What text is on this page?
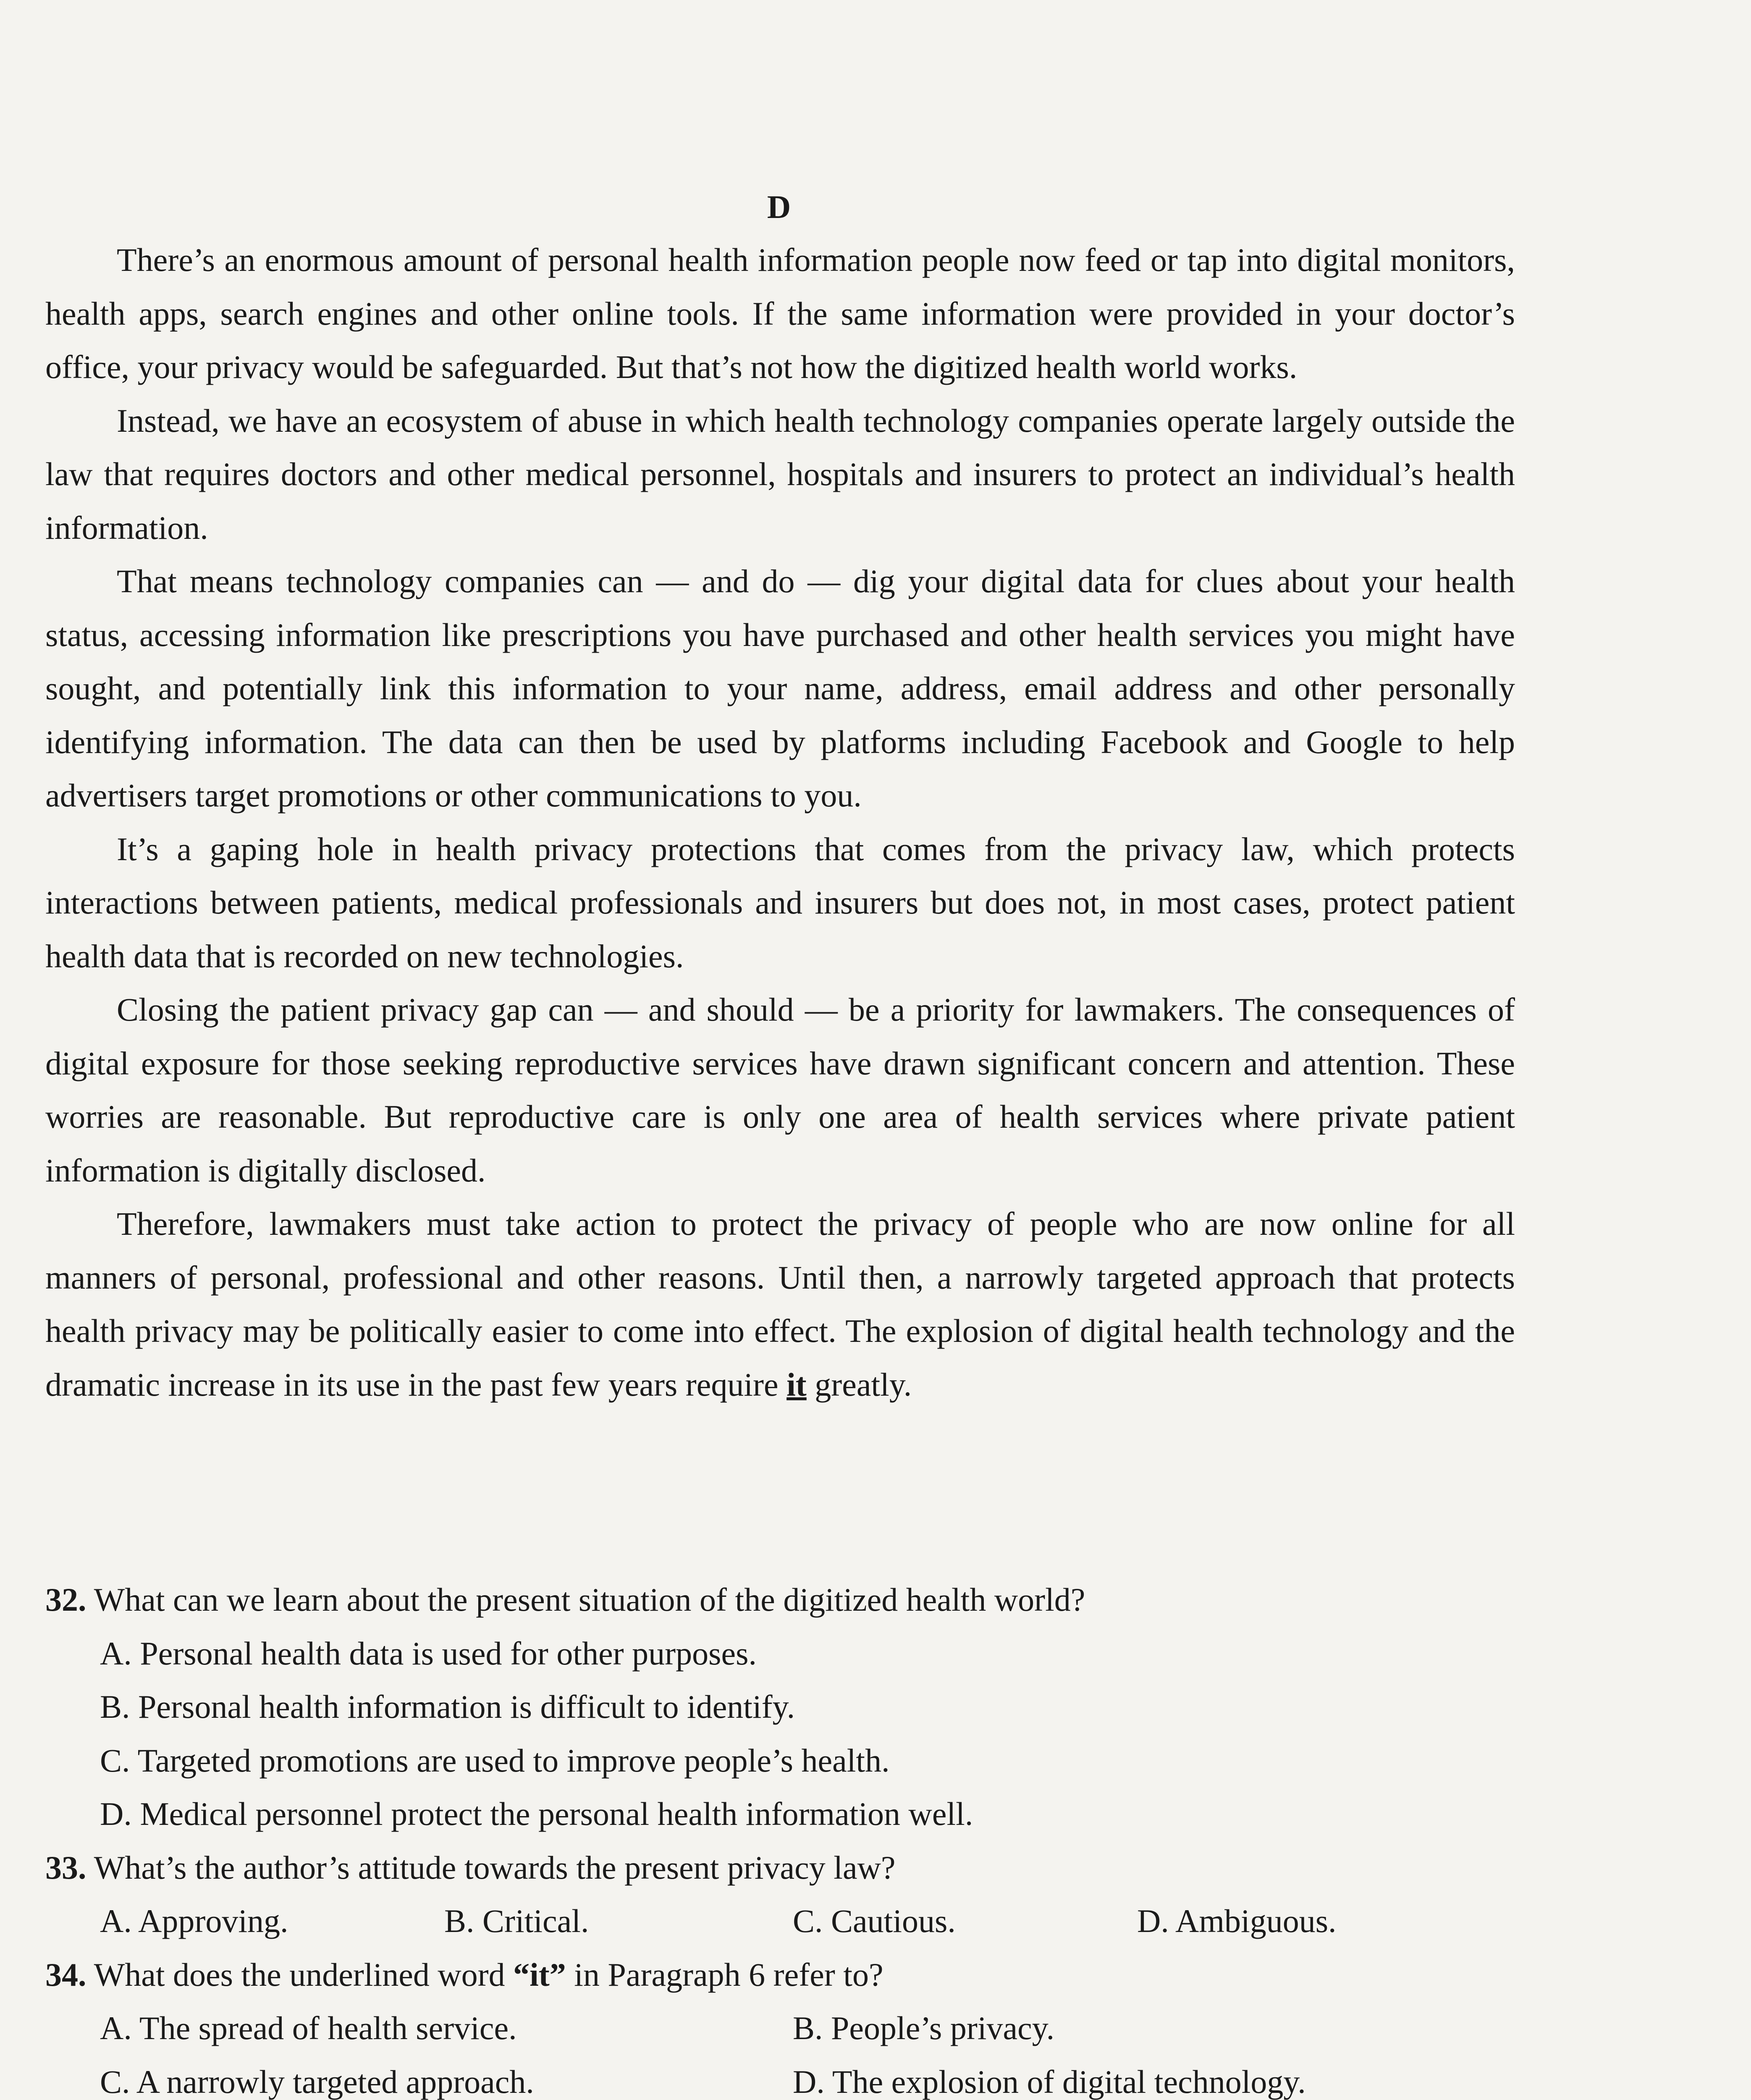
D

There’s an enormous amount of personal health information people now feed or tap into digital monitors, health apps, search engines and other online tools. If the same information were provided in your doctor’s office, your privacy would be safeguarded. But that’s not how the digitized health world works.

Instead, we have an ecosystem of abuse in which health technology companies operate largely outside the law that requires doctors and other medical personnel, hospitals and insurers to protect an individual’s health information.

That means technology companies can — and do — dig your digital data for clues about your health status, accessing information like prescriptions you have purchased and other health services you might have sought, and potentially link this information to your name, address, email address and other personally identifying information. The data can then be used by platforms including Facebook and Google to help advertisers target promotions or other communications to you.

It’s a gaping hole in health privacy protections that comes from the privacy law, which protects interactions between patients, medical professionals and insurers but does not, in most cases, protect patient health data that is recorded on new technologies.

Closing the patient privacy gap can — and should — be a priority for lawmakers. The consequences of digital exposure for those seeking reproductive services have drawn significant concern and attention. These worries are reasonable. But reproductive care is only one area of health services where private patient information is digitally disclosed.

Therefore, lawmakers must take action to protect the privacy of people who are now online for all manners of personal, professional and other reasons. Until then, a narrowly targeted approach that protects health privacy may be politically easier to come into effect. The explosion of digital health technology and the dramatic increase in its use in the past few years require it greatly.

32. What can we learn about the present situation of the digitized health world?

A. Personal health data is used for other purposes.

B. Personal health information is difficult to identify.

C. Targeted promotions are used to improve people’s health.

D. Medical personnel protect the personal health information well.

33. What’s the author’s attitude towards the present privacy law?

A. Approving.	B. Critical.	C. Cautious.	D. Ambiguous.

34. What does the underlined word “it” in Paragraph 6 refer to?

A. The spread of health service.	B. People’s privacy.
C. A narrowly targeted approach.	D. The explosion of digital technology.
